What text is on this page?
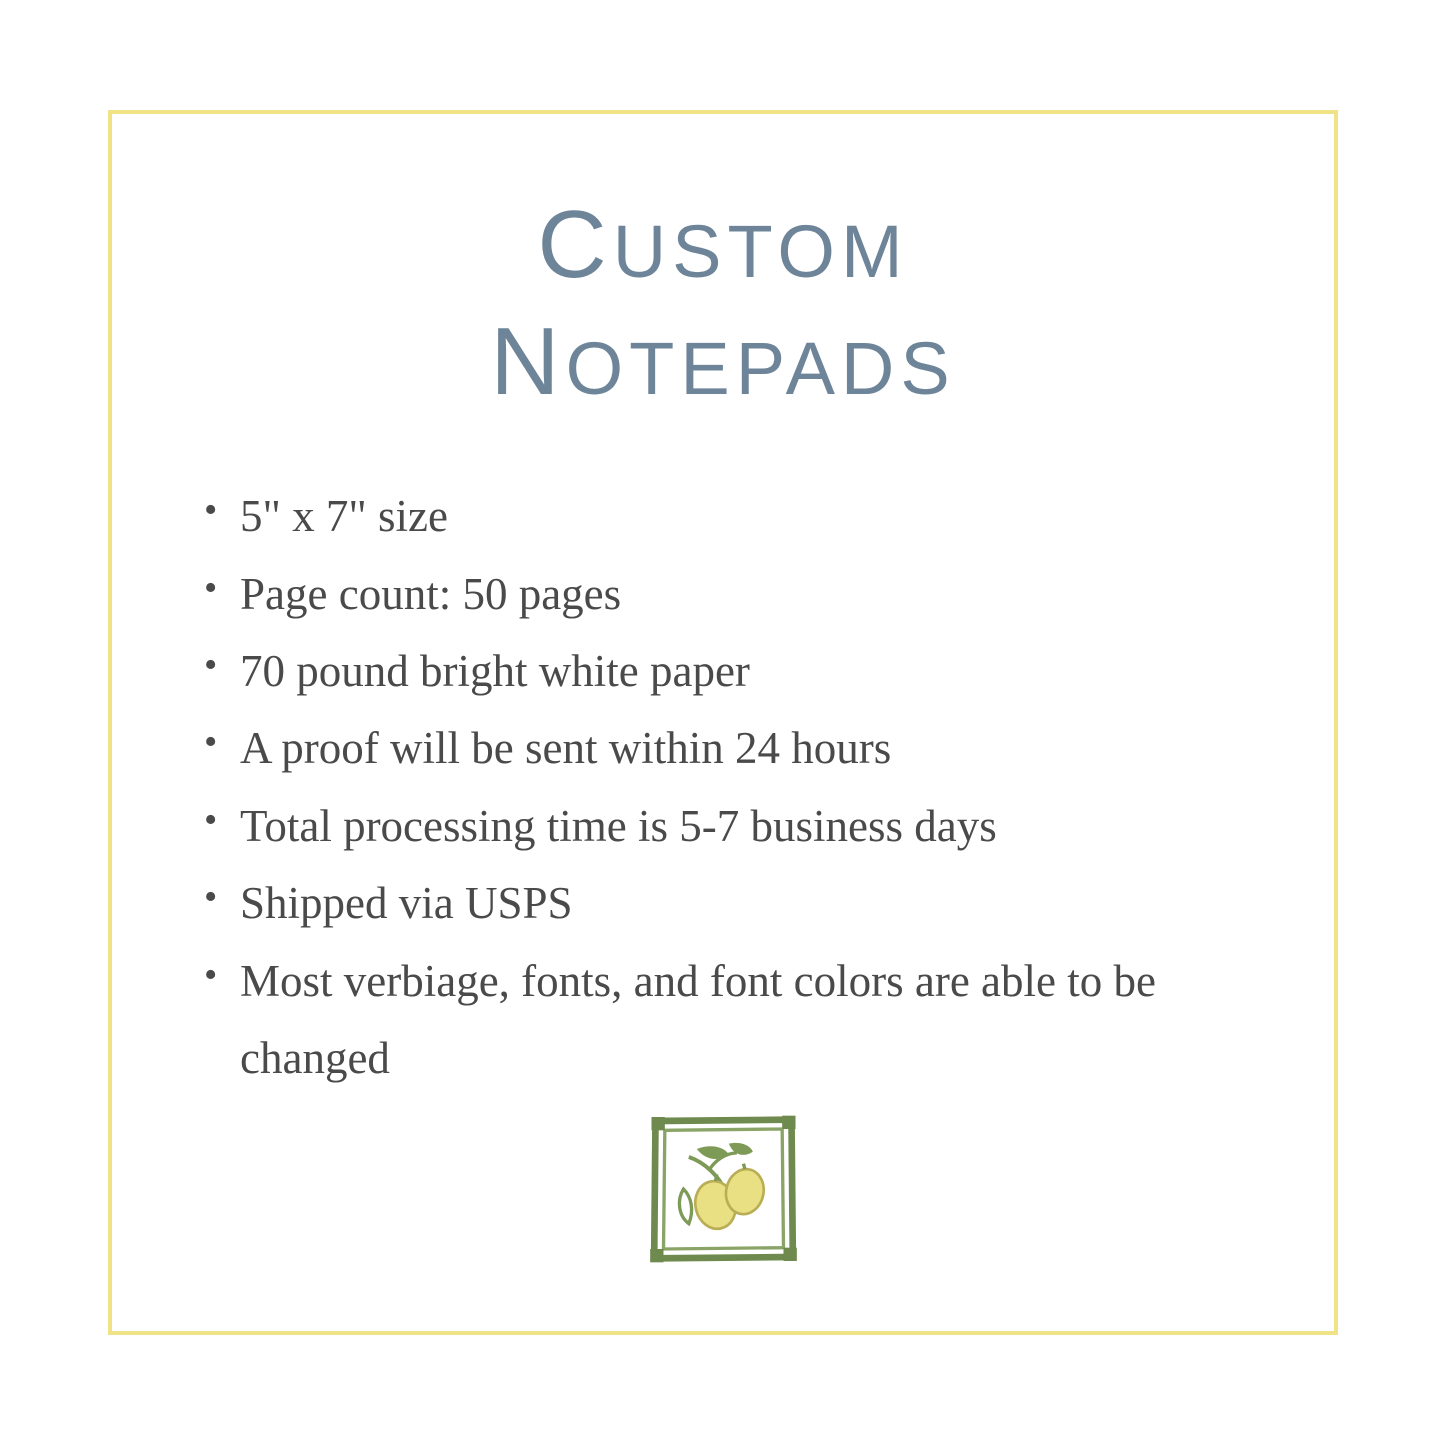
CUSTOM
NOTEPADS
• 5" x 7" size
• Page count: 50 pages
• 70 pound bright white paper
• A proof will be sent within 24 hours
• Total processing time is 5-7 business days
• Shipped via USPS
• Most verbiage, fonts, and font colors are able to be changed
